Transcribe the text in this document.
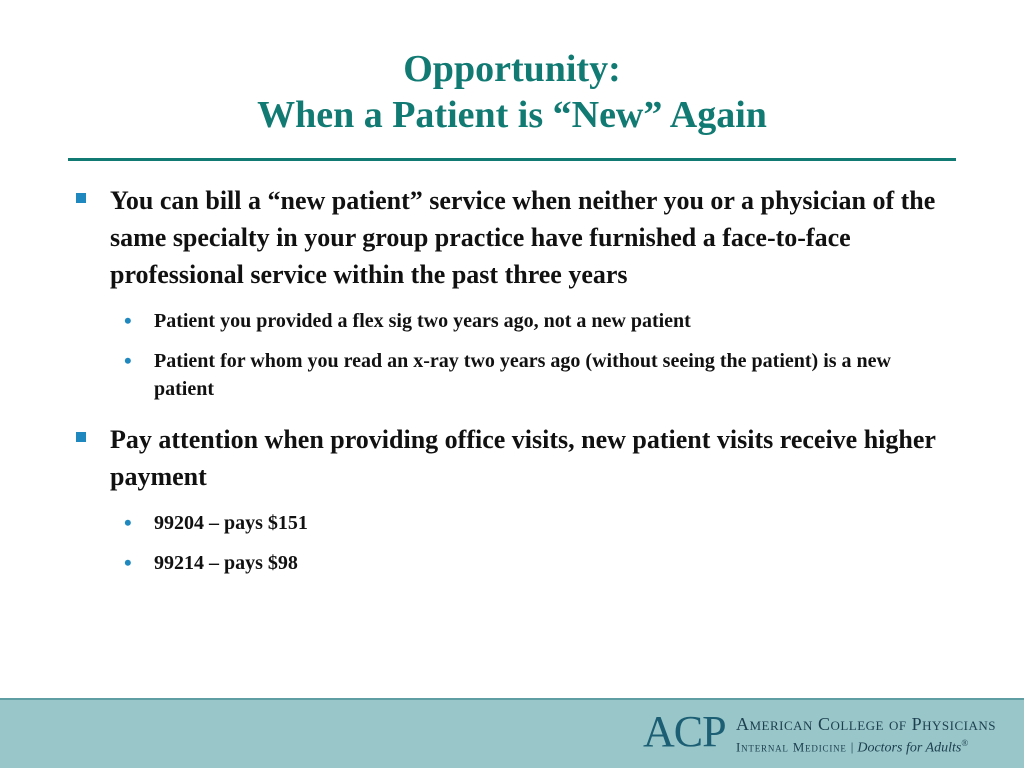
Opportunity:
When a Patient is “New” Again
You can bill a “new patient” service when neither you or a physician of the same specialty in your group practice have furnished a face-to-face professional service within the past three years
• Patient you provided a flex sig two years ago, not a new patient
• Patient for whom you read an x-ray two years ago (without seeing the patient) is a new patient
Pay attention when providing office visits, new patient visits receive higher payment
• 99204 – pays $151
• 99214 – pays $98
ACP American College of Physicians
Internal Medicine | Doctors for Adults®
